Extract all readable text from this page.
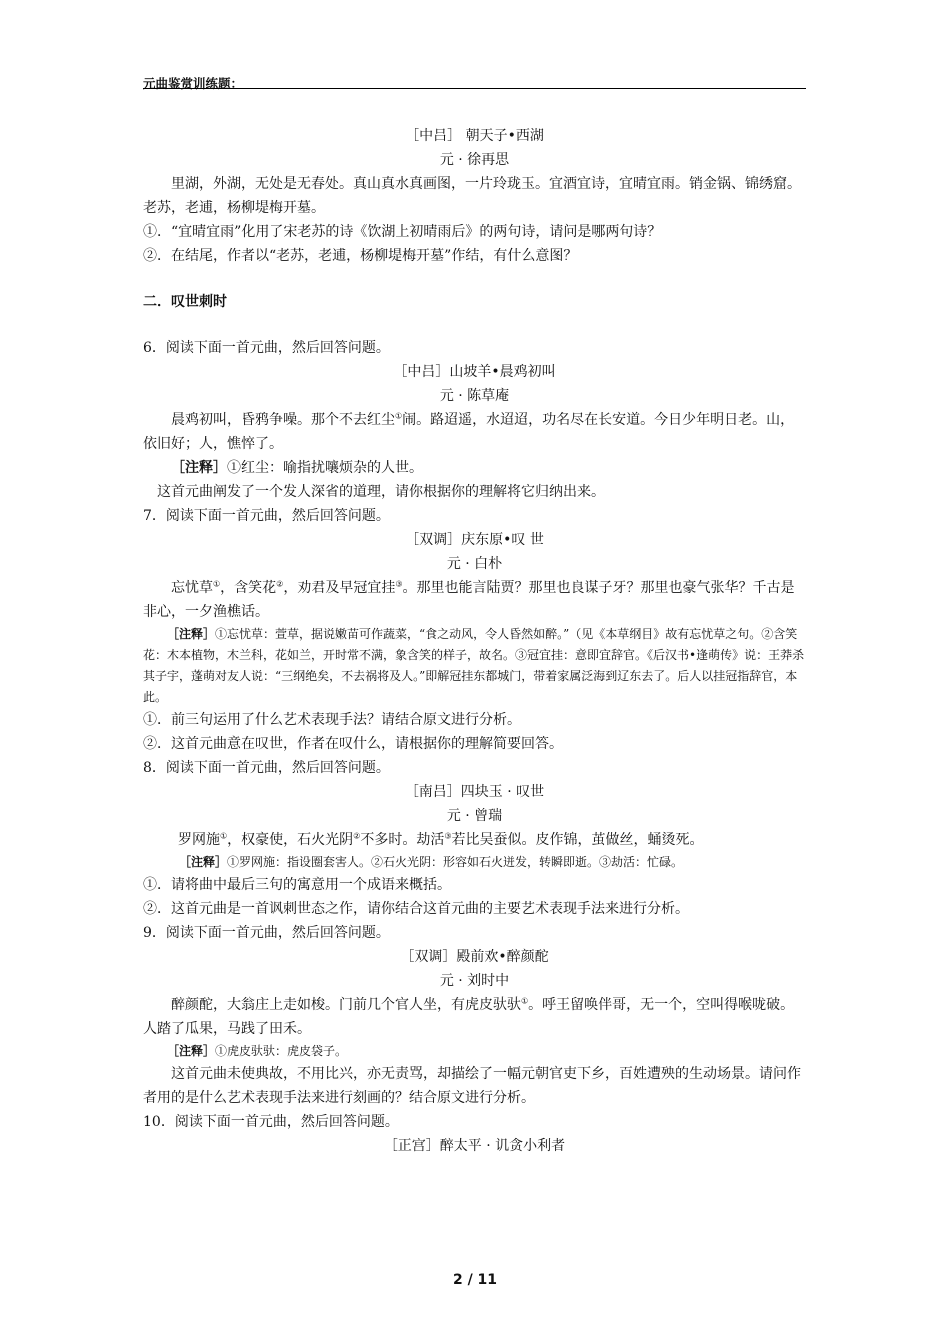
元曲鉴赏训练题：

［中吕］ 朝天子•西湖

元 · 徐再思

里湖，外湖，无处是无春处。真山真水真画图，一片玲珑玉。宜酒宜诗，宜晴宜雨。销金锅、锦绣窟。老苏，老逋，杨柳堤梅开墓。

①．“宜晴宜雨”化用了宋老苏的诗《饮湖上初晴雨后》的两句诗，请问是哪两句诗？

②．在结尾，作者以“老苏，老逋，杨柳堤梅开墓”作结，有什么意图？

二．叹世刺时

6．阅读下面一首元曲，然后回答问题。

［中吕］山坡羊•晨鸡初叫

元 · 陈草庵

晨鸡初叫，昏鸦争噪。那个不去红尘①闹。路迢遥，水迢迢，功名尽在长安道。今日少年明日老。山，依旧好；人，憔悴了。

［注释］①红尘：喻指扰嚷烦杂的人世。

这首元曲阐发了一个发人深省的道理，请你根据你的理解将它归纳出来。

7．阅读下面一首元曲，然后回答问题。

［双调］庆东原•叹 世

元 · 白朴

忘忧草①，含笑花②，劝君及早冠宜挂③。那里也能言陆贾？那里也良谋子牙？那里也豪气张华？千古是非心，一夕渔樵话。

［注释］①忘忧草：萱草，据说嫩苗可作蔬菜，“食之动风，令人昏然如醉。”（见《本草纲目》故有忘忧草之句。②含笑花：木本植物，木兰科，花如兰，开时常不满，象含笑的样子，故名。③冠宜挂：意即宜辞官。《后汉书•逢萌传》说：王莽杀其子宇，蓬萌对友人说：“三纲绝矣，不去祸将及人。”即解冠挂东都城门，带着家属泛海到辽东去了。后人以挂冠指辞官，本此。

①．前三句运用了什么艺术表现手法？请结合原文进行分析。

②．这首元曲意在叹世，作者在叹什么，请根据你的理解简要回答。

8．阅读下面一首元曲，然后回答问题。

［南吕］四块玉 · 叹世

元 · 曾瑞

罗网施①，权豪使，石火光阴②不多时。劫活③若比吴蚕似。皮作锦，茧做丝，蛹烫死。

［注释］①罗网施：指设圈套害人。②石火光阴：形容如石火迸发，转瞬即逝。③劫活：忙碌。

①．请将曲中最后三句的寓意用一个成语来概括。

②．这首元曲是一首讽刺世态之作，请你结合这首元曲的主要艺术表现手法来进行分析。

9．阅读下面一首元曲，然后回答问题。

［双调］殿前欢•醉颜酡

元 · 刘时中

醉颜酡，大翁庄上走如梭。门前几个官人坐，有虎皮驮驮①。呼王留唤伴哥，无一个，空叫得喉咙破。人踏了瓜果，马践了田禾。

［注释］①虎皮驮驮：虎皮袋子。

这首元曲未使典故，不用比兴，亦无责骂，却描绘了一幅元朝官吏下乡，百姓遭殃的生动场景。请问作者用的是什么艺术表现手法来进行刻画的？结合原文进行分析。

10．阅读下面一首元曲，然后回答问题。

［正宫］醉太平 · 讥贪小利者

2 / 11
